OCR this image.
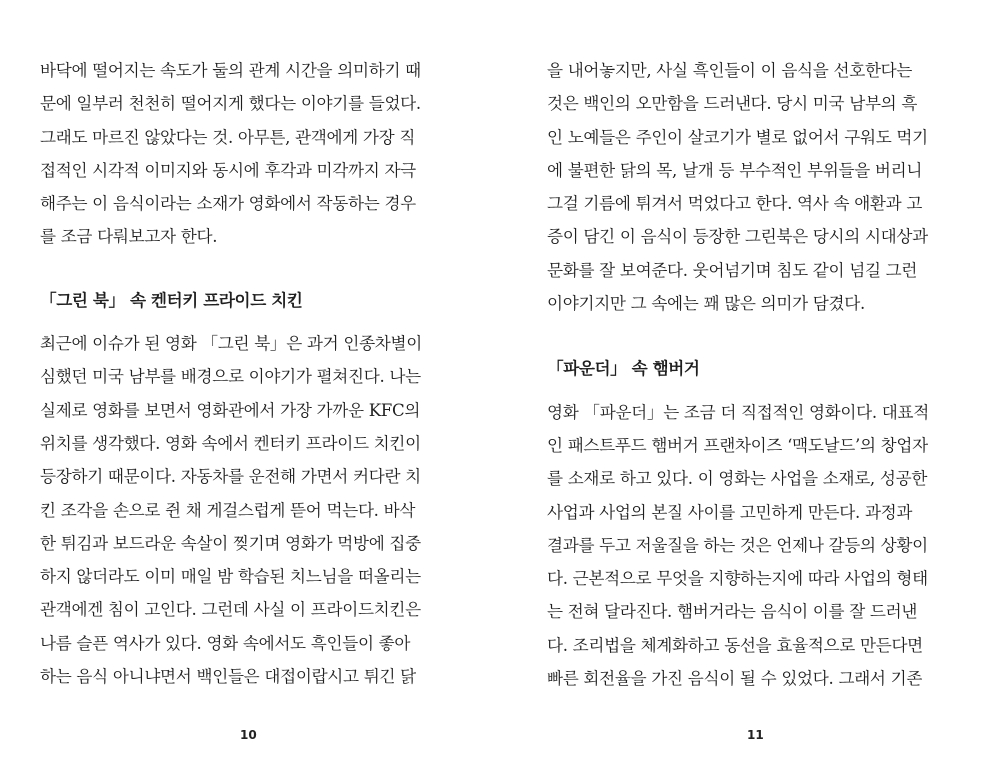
바닥에 떨어지는 속도가 둘의 관계 시간을 의미하기 때
문에 일부러 천천히 떨어지게 했다는 이야기를 들었다.
그래도 마르진 않았다는 것. 아무튼, 관객에게 가장 직
접적인 시각적 이미지와 동시에 후각과 미각까지 자극
해주는 이 음식이라는 소재가 영화에서 작동하는 경우
를 조금 다뤄보고자 한다.
「그린 북」 속 켄터키 프라이드 치킨
최근에 이슈가 된 영화 「그린 북」은 과거 인종차별이
심했던 미국 남부를 배경으로 이야기가 펼쳐진다. 나는
실제로 영화를 보면서 영화관에서 가장 가까운 KFC의
위치를 생각했다. 영화 속에서 켄터키 프라이드 치킨이
등장하기 때문이다. 자동차를 운전해 가면서 커다란 치
킨 조각을 손으로 쥔 채 게걸스럽게 뜯어 먹는다. 바삭
한 튀김과 보드라운 속살이 찢기며 영화가 먹방에 집중
하지 않더라도 이미 매일 밤 학습된 치느님을 떠올리는
관객에겐 침이 고인다. 그런데 사실 이 프라이드치킨은
나름 슬픈 역사가 있다. 영화 속에서도 흑인들이 좋아
하는 음식 아니냐면서 백인들은 대접이랍시고 튀긴 닭
10
을 내어놓지만, 사실 흑인들이 이 음식을 선호한다는
것은 백인의 오만함을 드러낸다. 당시 미국 남부의 흑
인 노예들은 주인이 살코기가 별로 없어서 구워도 먹기
에 불편한 닭의 목, 날개 등 부수적인 부위들을 버리니
그걸 기름에 튀겨서 먹었다고 한다. 역사 속 애환과 고
증이 담긴 이 음식이 등장한 그린북은 당시의 시대상과
문화를 잘 보여준다. 웃어넘기며 침도 같이 넘길 그런
이야기지만 그 속에는 꽤 많은 의미가 담겼다.
「파운더」 속 햄버거
영화 「파운더」는 조금 더 직접적인 영화이다. 대표적
인 패스트푸드 햄버거 프랜차이즈 ‘맥도날드’의 창업자
를 소재로 하고 있다. 이 영화는 사업을 소재로, 성공한
사업과 사업의 본질 사이를 고민하게 만든다. 과정과
결과를 두고 저울질을 하는 것은 언제나 갈등의 상황이
다. 근본적으로 무엇을 지향하는지에 따라 사업의 형태
는 전혀 달라진다. 햄버거라는 음식이 이를 잘 드러낸
다. 조리법을 체계화하고 동선을 효율적으로 만든다면
빠른 회전율을 가진 음식이 될 수 있었다. 그래서 기존
11
